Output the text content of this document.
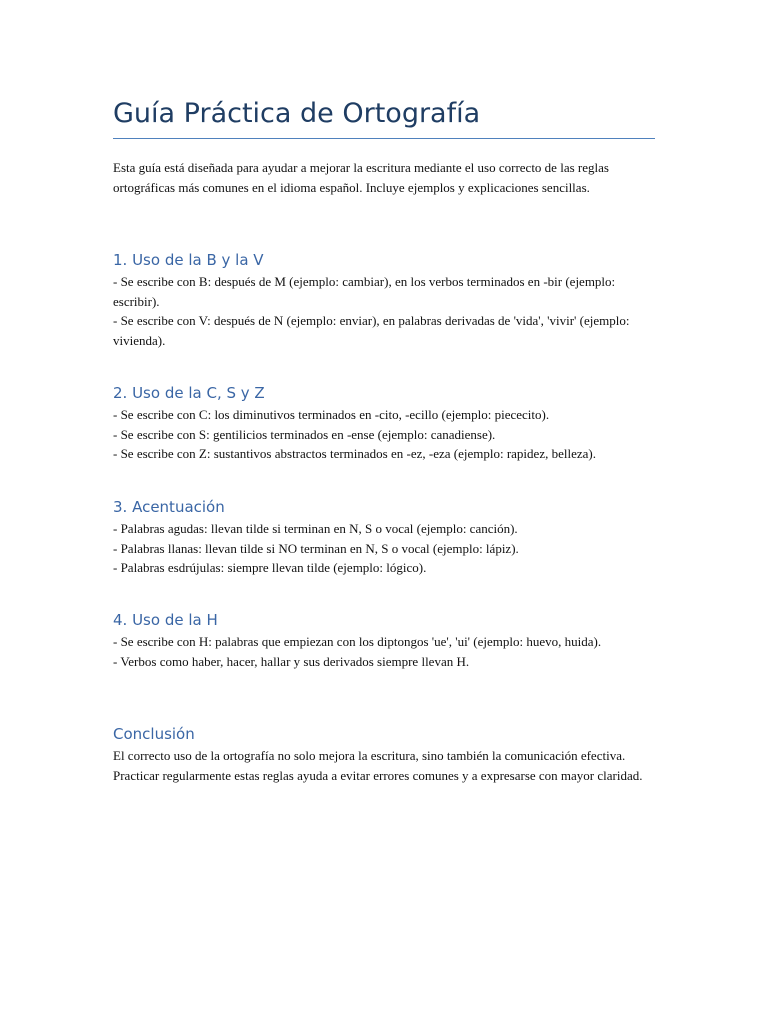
Guía Práctica de Ortografía

Esta guía está diseñada para ayudar a mejorar la escritura mediante el uso correcto de las reglas ortográficas más comunes en el idioma español. Incluye ejemplos y explicaciones sencillas.

1. Uso de la B y la V

- Se escribe con B: después de M (ejemplo: cambiar), en los verbos terminados en -bir (ejemplo: escribir).

- Se escribe con V: después de N (ejemplo: enviar), en palabras derivadas de 'vida', 'vivir' (ejemplo: vivienda).

2. Uso de la C, S y Z

- Se escribe con C: los diminutivos terminados en -cito, -ecillo (ejemplo: piececito).

- Se escribe con S: gentilicios terminados en -ense (ejemplo: canadiense).

- Se escribe con Z: sustantivos abstractos terminados en -ez, -eza (ejemplo: rapidez, belleza).

3. Acentuación

- Palabras agudas: llevan tilde si terminan en N, S o vocal (ejemplo: canción).

- Palabras llanas: llevan tilde si NO terminan en N, S o vocal (ejemplo: lápiz).

- Palabras esdrújulas: siempre llevan tilde (ejemplo: lógico).

4. Uso de la H

- Se escribe con H: palabras que empiezan con los diptongos 'ue', 'ui' (ejemplo: huevo, huida).

- Verbos como haber, hacer, hallar y sus derivados siempre llevan H.

Conclusión

El correcto uso de la ortografía no solo mejora la escritura, sino también la comunicación efectiva. Practicar regularmente estas reglas ayuda a evitar errores comunes y a expresarse con mayor claridad.
